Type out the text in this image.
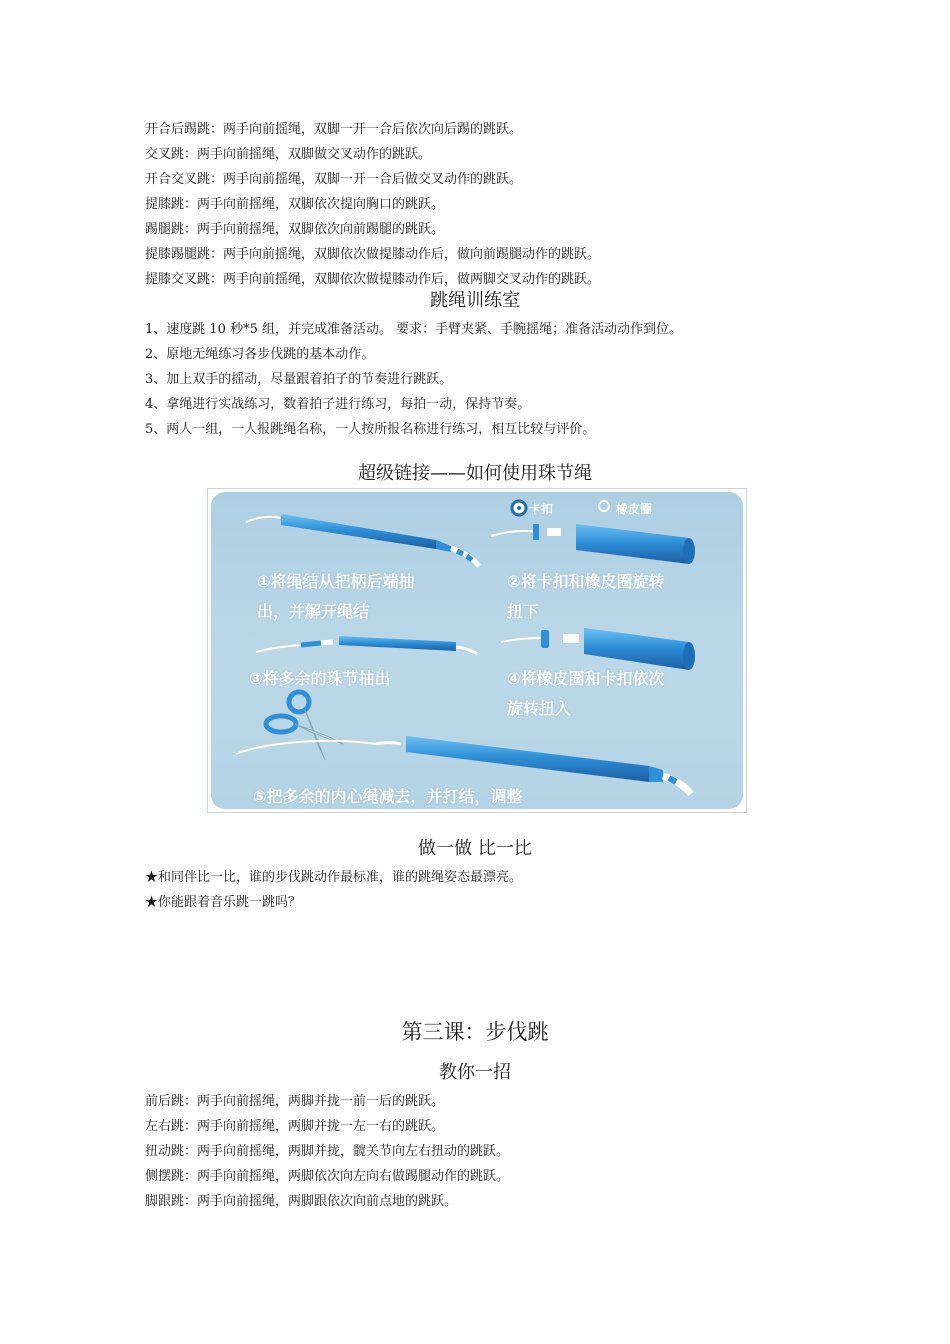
开合后踢跳：两手向前摇绳，双脚一开一合后依次向后踢的跳跃。
交叉跳：两手向前摇绳，双脚做交叉动作的跳跃。
开合交叉跳：两手向前摇绳，双脚一开一合后做交叉动作的跳跃。
提膝跳：两手向前摇绳，双脚依次提向胸口的跳跃。
踢腿跳：两手向前摇绳，双脚依次向前踢腿的跳跃。
提膝踢腿跳：两手向前摇绳，双脚依次做提膝动作后，做向前踢腿动作的跳跃。
提膝交叉跳：两手向前摇绳，双脚依次做提膝动作后，做两脚交叉动作的跳跃。
跳绳训练室
1、速度跳 10 秒*5 组，并完成准备活动。 要求：手臂夹紧、手腕摇绳；准备活动动作到位。
2、原地无绳练习各步伐跳的基本动作。
3、加上双手的摇动，尽量跟着拍子的节奏进行跳跃。
4、拿绳进行实战练习，数着拍子进行练习，每拍一动，保持节奏。
5、两人一组，一人报跳绳名称，一人按所报名称进行练习，相互比较与评价。
超级链接——如何使用珠节绳
卡扣	橡皮圈
①将绳结从把柄后端抽
出，并解开绳结
②将卡扣和橡皮圈旋转
扭下
③将多余的珠节抽出	④将橡皮圈和卡扣依次
旋转扭入
⑤把多余的内心绳减去，并打结，调整
做一做 比一比
★和同伴比一比，谁的步伐跳动作最标准，谁的跳绳姿态最漂亮。
★你能跟着音乐跳一跳吗？
第三课：步伐跳
教你一招
前后跳：两手向前摇绳，两脚并拢一前一后的跳跃。
左右跳：两手向前摇绳，两脚并拢一左一右的跳跃。
扭动跳：两手向前摇绳，两脚并拢，髋关节向左右扭动的跳跃。
侧摆跳：两手向前摇绳，两脚依次向左向右做踢腿动作的跳跃。
脚跟跳：两手向前摇绳，两脚跟依次向前点地的跳跃。
